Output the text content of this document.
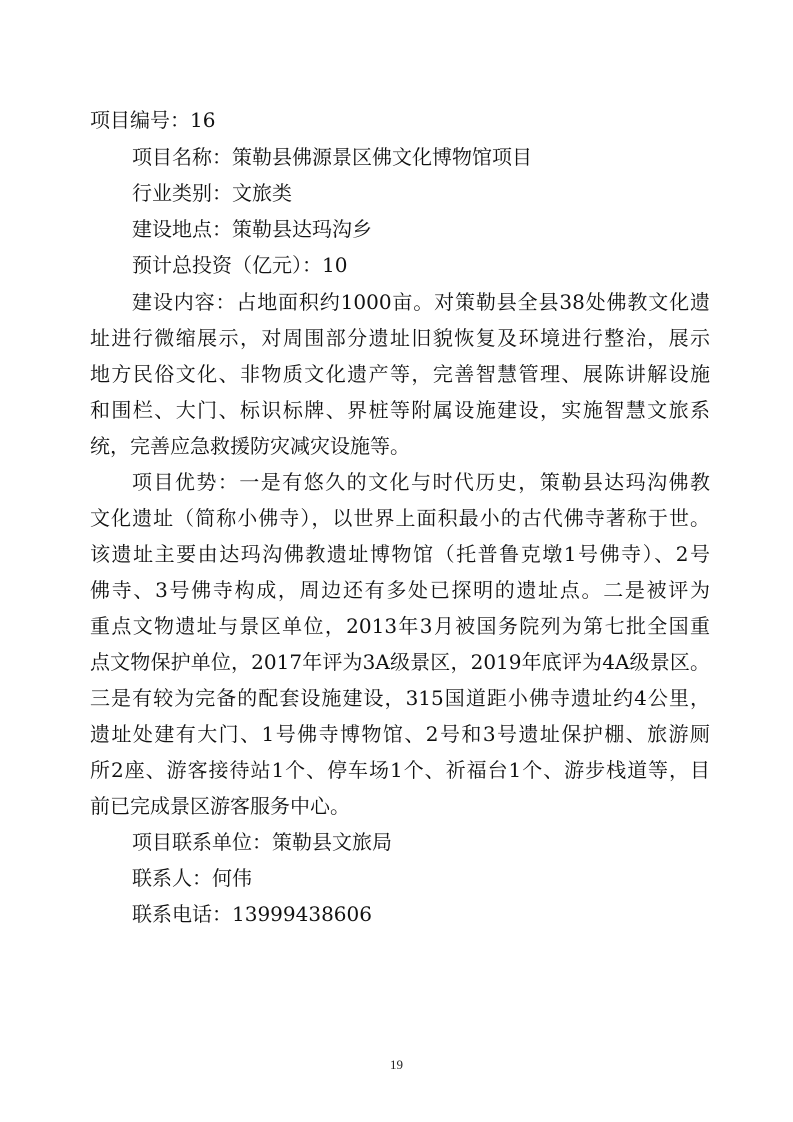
项目编号：16
项目名称：策勒县佛源景区佛文化博物馆项目
行业类别：文旅类
建设地点：策勒县达玛沟乡
预计总投资（亿元）：10
建设内容：占地面积约1000亩。对策勒县全县38处佛教文化遗
址进行微缩展示，对周围部分遗址旧貌恢复及环境进行整治，展示
地方民俗文化、非物质文化遗产等，完善智慧管理、展陈讲解设施
和围栏、大门、标识标牌、界桩等附属设施建设，实施智慧文旅系
统，完善应急救援防灾减灾设施等。
项目优势：一是有悠久的文化与时代历史，策勒县达玛沟佛教
文化遗址（简称小佛寺），以世界上面积最小的古代佛寺著称于世。
该遗址主要由达玛沟佛教遗址博物馆（托普鲁克墩1号佛寺）、2号
佛寺、3号佛寺构成，周边还有多处已探明的遗址点。二是被评为
重点文物遗址与景区单位，2013年3月被国务院列为第七批全国重
点文物保护单位，2017年评为3A级景区，2019年底评为4A级景区。
三是有较为完备的配套设施建设，315国道距小佛寺遗址约4公里，
遗址处建有大门、1号佛寺博物馆、2号和3号遗址保护棚、旅游厕
所2座、游客接待站1个、停车场1个、祈福台1个、游步栈道等，目
前已完成景区游客服务中心。
项目联系单位：策勒县文旅局
联系人：何伟
联系电话：13999438606
19
